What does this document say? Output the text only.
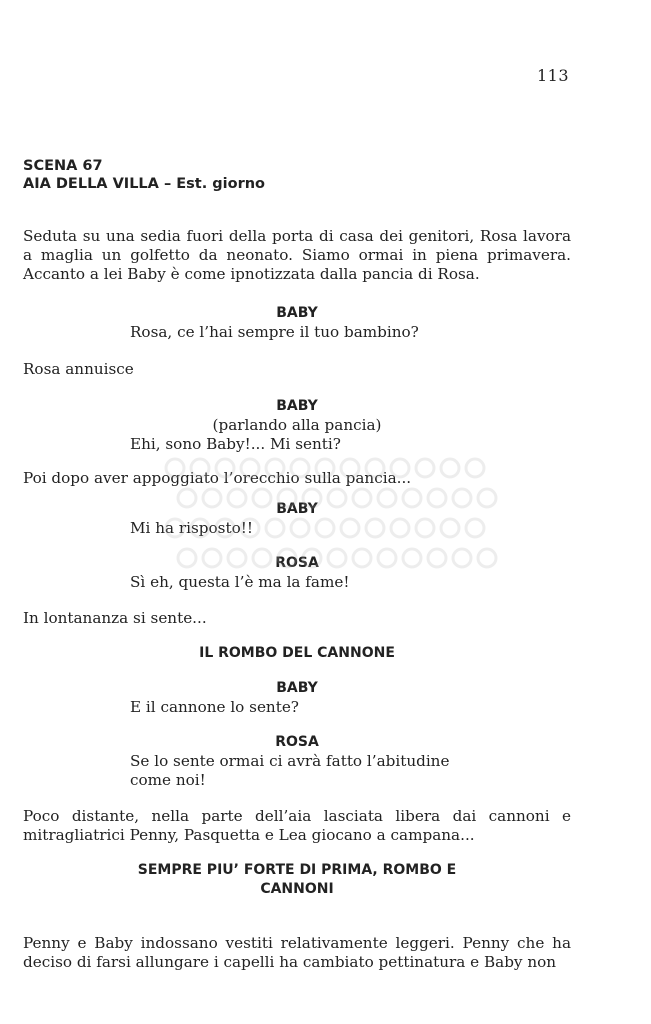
113
SCENA 67
AIA DELLA VILLA – Est. giorno
Seduta su una sedia fuori della porta di casa dei genitori, Rosa lavora a maglia un golfetto da neonato. Siamo ormai in piena primavera. Accanto a lei Baby è come ipnotizzata dalla pancia di Rosa.
BABY
Rosa, ce l’hai sempre il tuo bambino?
Rosa annuisce
BABY
(parlando alla pancia)
Ehi, sono Baby!... Mi senti?
Poi dopo aver appoggiato l’orecchio sulla pancia...
BABY
Mi ha risposto!!
ROSA
Sì eh, questa l’è ma la fame!
In lontananza si sente...
IL ROMBO DEL CANNONE
BABY
E il cannone lo sente?
ROSA
Se lo sente ormai ci avrà fatto l’abitudine come noi!
Poco distante, nella parte dell’aia lasciata libera dai cannoni e mitragliatrici Penny, Pasquetta e Lea giocano a campana...
SEMPRE PIU’ FORTE DI PRIMA, ROMBO E CANNONI
Penny e Baby indossano vestiti relativamente leggeri. Penny che ha deciso di farsi allungare i capelli ha cambiato pettinatura e Baby non
